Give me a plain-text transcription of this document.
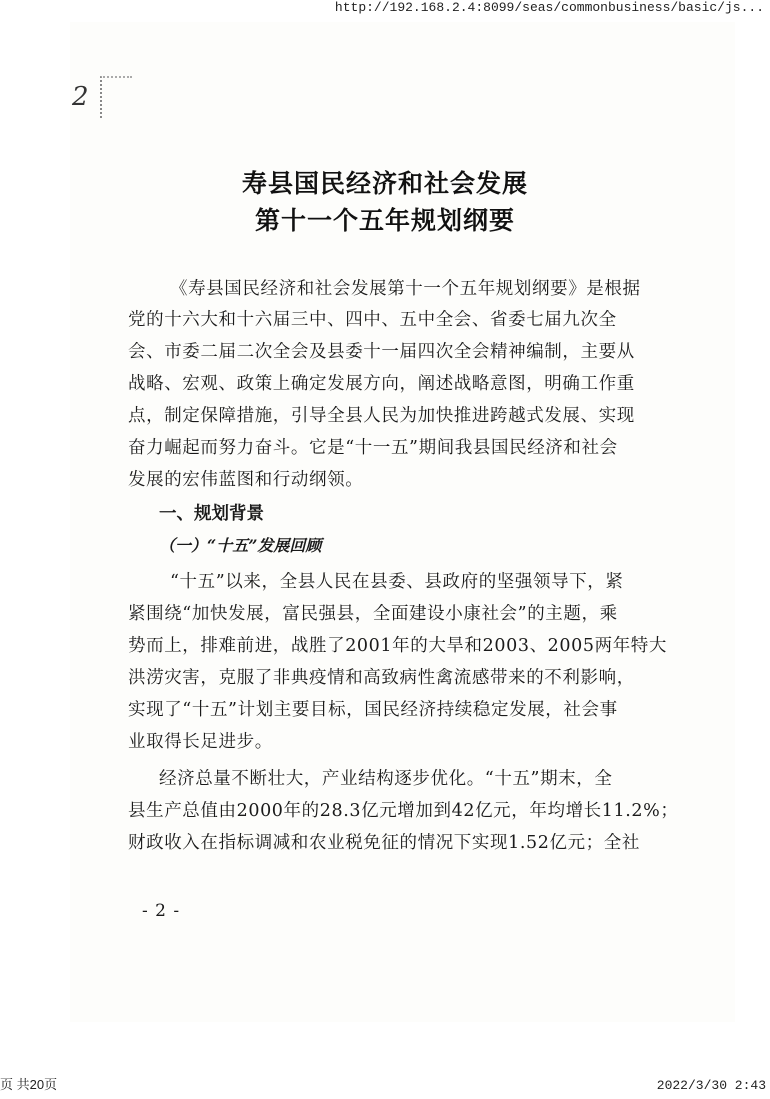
http://192.168.2.4:8099/seas/commonbusiness/basic/js...
2
寿县国民经济和社会发展
第十一个五年规划纲要
《寿县国民经济和社会发展第十一个五年规划纲要》是根据
党的十六大和十六届三中、四中、五中全会、省委七届九次全
会、市委二届二次全会及县委十一届四次全会精神编制，主要从
战略、宏观、政策上确定发展方向，阐述战略意图，明确工作重
点，制定保障措施，引导全县人民为加快推进跨越式发展、实现
奋力崛起而努力奋斗。它是“十一五”期间我县国民经济和社会
发展的宏伟蓝图和行动纲领。
一、规划背景
（一）“十五”发展回顾
“十五”以来，全县人民在县委、县政府的坚强领导下，紧
紧围绕“加快发展，富民强县，全面建设小康社会”的主题，乘
势而上，排难前进，战胜了2001年的大旱和2003、2005两年特大
洪涝灾害，克服了非典疫情和高致病性禽流感带来的不利影响，
实现了“十五”计划主要目标，国民经济持续稳定发展，社会事
业取得长足进步。
经济总量不断壮大，产业结构逐步优化。“十五”期末，全
县生产总值由2000年的28.3亿元增加到42亿元，年均增长11.2%；
财政收入在指标调减和农业税免征的情况下实现1.52亿元；全社
- 2 -
页 共20页	2022/3/30 2:43
